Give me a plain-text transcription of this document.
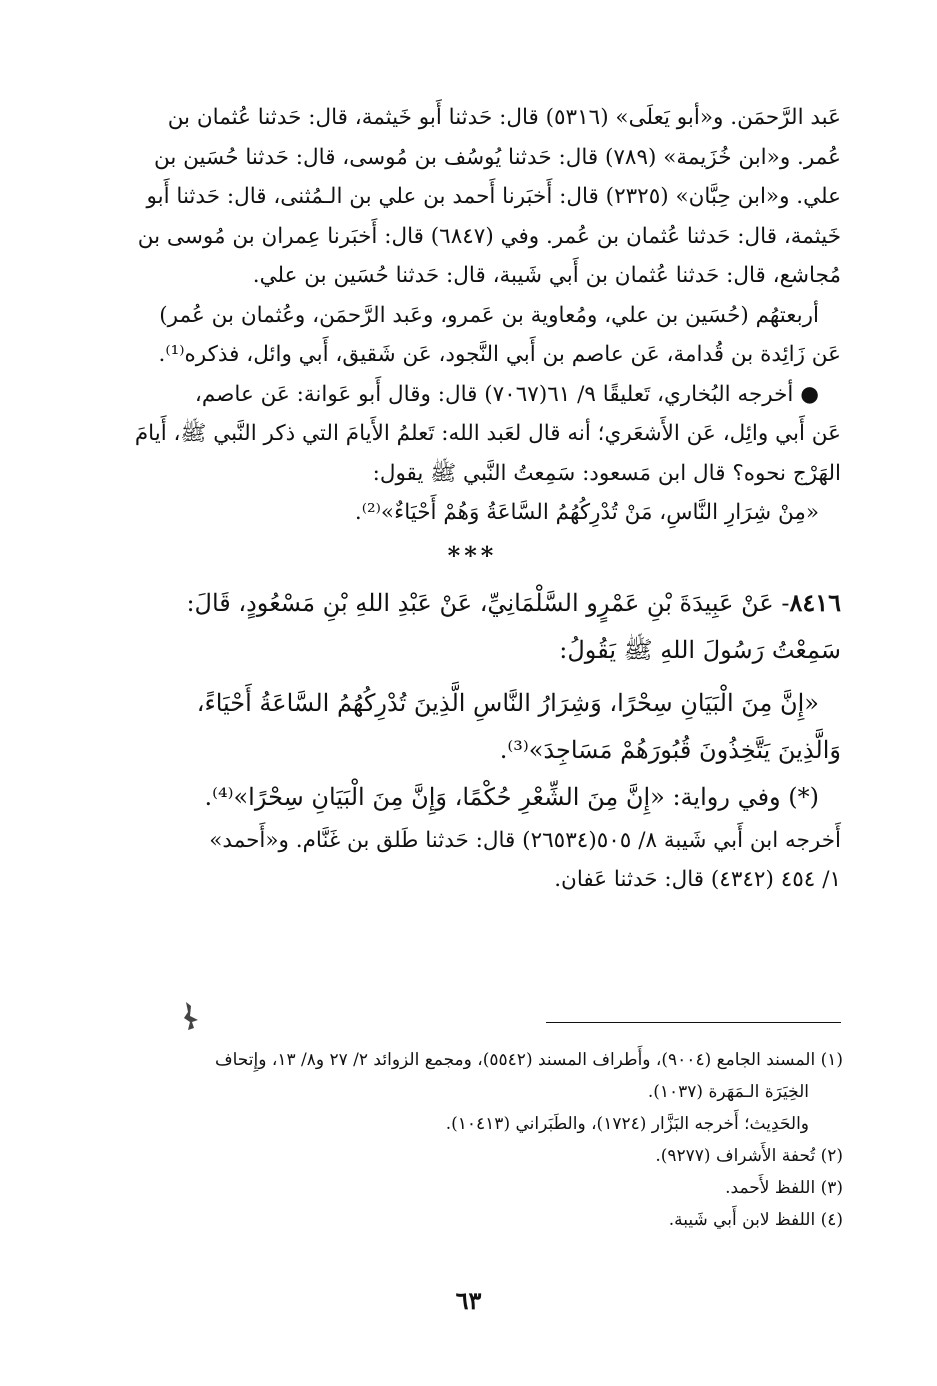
عَبد الرَّحمَن. و«أبو يَعلَى» (٥٣١٦) قال: حَدثنا أَبو خَيثمة، قال: حَدثنا عُثمان بن

عُمر. و«ابن خُزَيمة» (٧٨٩) قال: حَدثنا يُوسُف بن مُوسى، قال: حَدثنا حُسَين بن

علي. و«ابن حِبَّان» (٢٣٢٥) قال: أَخبَرنا أَحمد بن علي بن الـمُثنى، قال: حَدثنا أَبو

خَيثمة، قال: حَدثنا عُثمان بن عُمر. وفي (٦٨٤٧) قال: أَخبَرنا عِمران بن مُوسى بن

مُجاشع، قال: حَدثنا عُثمان بن أَبي شَيبة، قال: حَدثنا حُسَين بن علي.

أربعتهُم (حُسَين بن علي، ومُعاوية بن عَمرو، وعَبد الرَّحمَن، وعُثمان بن عُمر)

عَن زَائِدة بن قُدامة، عَن عاصم بن أَبي النَّجود، عَن شَقيق، أَبي وائل، فذكره⁽¹⁾.

● أخرجه البُخاري، تَعليقًا ٩/ ٦١(٧٠٦٧) قال: وقال أَبو عَوانة: عَن عاصم،

عَن أَبي وائِل، عَن الأَشعَري؛ أنه قال لعَبد الله: تَعلمُ الأَيامَ التي ذكر النَّبي ﷺ، أَيامَ

الهَرْج نحوه؟ قال ابن مَسعود: سَمِعتُ النَّبي ﷺ يقول:

«مِنْ شِرَارِ النَّاسِ، مَنْ تُدْرِكُهُمُ السَّاعَةُ وَهُمْ أَحْيَاءٌ»⁽²⁾.

***

٨٤١٦- عَنْ عَبِيدَةَ بْنِ عَمْرٍو السَّلْمَانِيِّ، عَنْ عَبْدِ اللهِ بْنِ مَسْعُودٍ، قَالَ:

سَمِعْتُ رَسُولَ اللهِ ﷺ يَقُولُ:

«إِنَّ مِنَ الْبَيَانِ سِحْرًا، وَشِرَارُ النَّاسِ الَّذِينَ تُدْرِكُهُمُ السَّاعَةُ أَحْيَاءً،

وَالَّذِينَ يَتَّخِذُونَ قُبُورَهُمْ مَسَاجِدَ»⁽³⁾.

(*) وفي رواية: «إِنَّ مِنَ الشِّعْرِ حُكْمًا، وَإِنَّ مِنَ الْبَيَانِ سِحْرًا»⁽⁴⁾.

أَخرجه ابن أَبي شَيبة ٨/ ٥٠٥(٢٦٥٣٤) قال: حَدثنا طَلق بن غَنَّام. و«أَحمد»

١/ ٤٥٤ (٤٣٤٢) قال: حَدثنا عَفان.

(١) المسند الجامع (٩٠٠٤)، وأَطراف المسند (٥٥٤٢)، ومجمع الزوائد ٢/ ٢٧ و٨/ ١٣، وإِتحاف

الخِيَرَة الـمَهَرة (١٠٣٧).

والحَدِيث؛ أَخرجه البَزَّار (١٧٢٤)، والطَبَراني (١٠٤١٣).

(٢) تُحفة الأَشراف (٩٢٧٧).

(٣) اللفظ لأَحمد.

(٤) اللفظ لابن أَبي شَيبة.

٦٣
